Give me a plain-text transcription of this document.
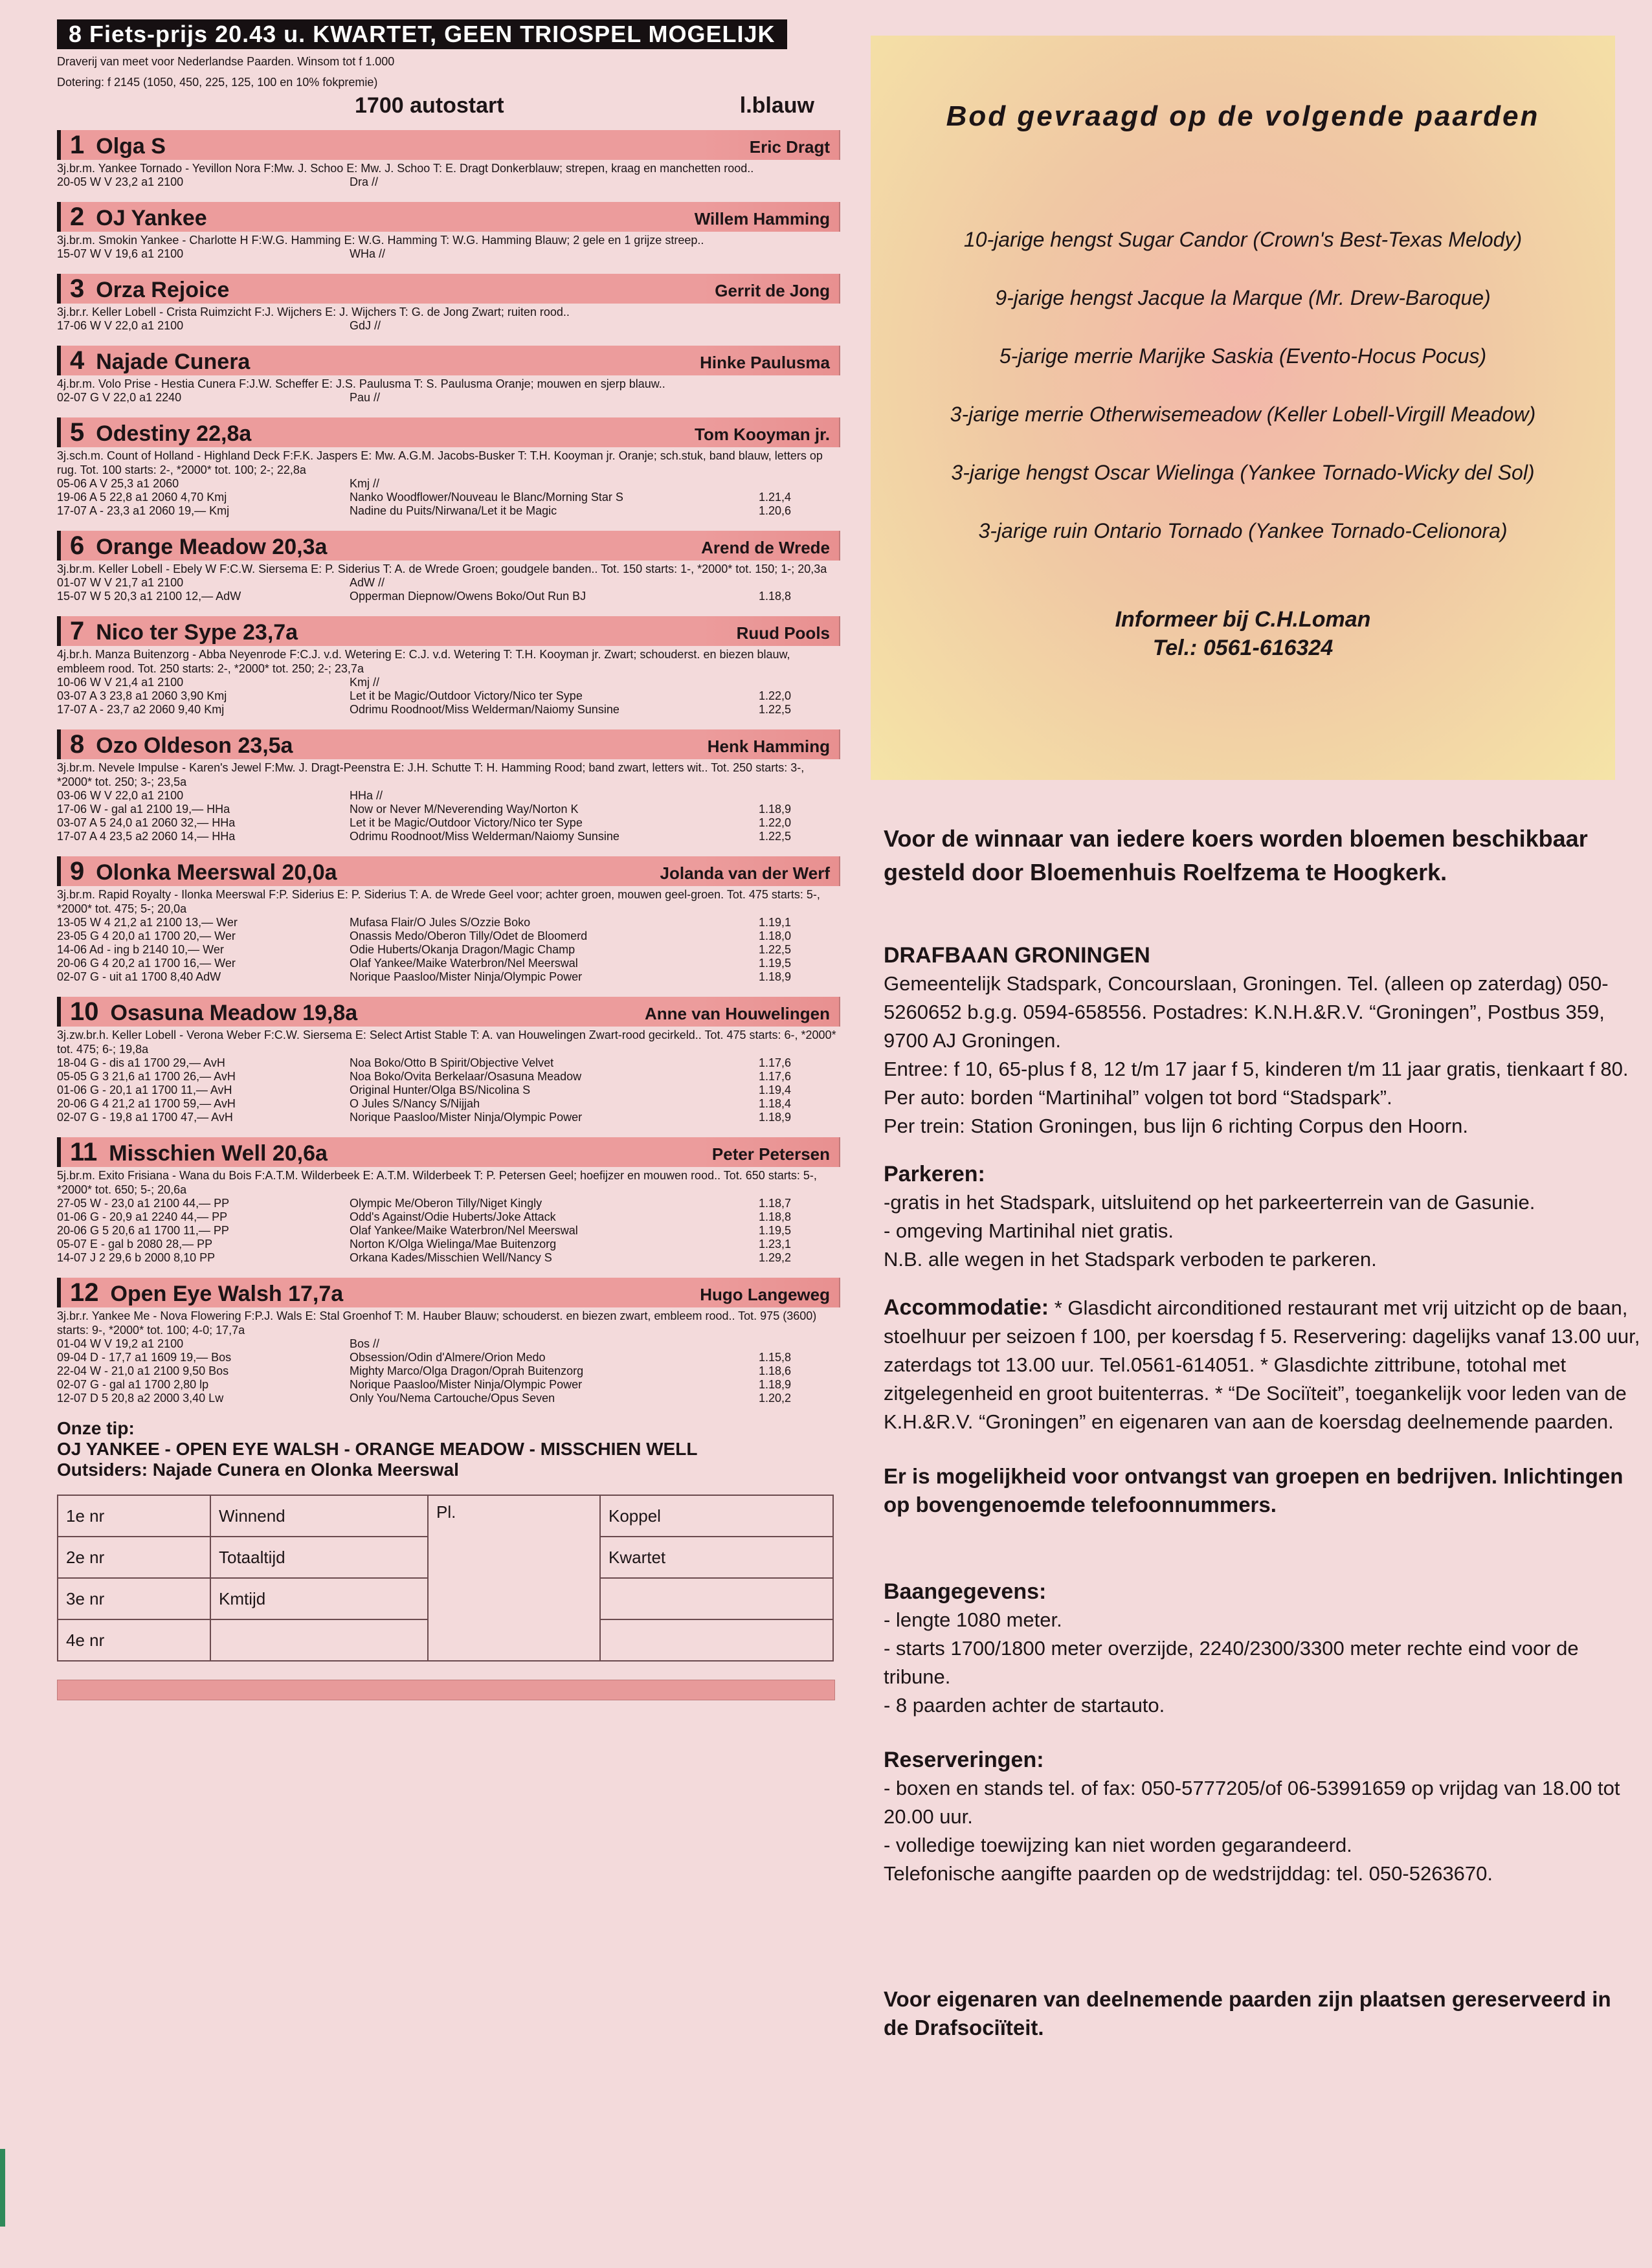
8 Fiets-prijs 20.43 u. KWARTET, GEEN TRIOSPEL MOGELIJK
Draverij van meet voor Nederlandse Paarden. Winsom tot f 1.000
Dotering: f 2145 (1050, 450, 225, 125, 100 en 10% fokpremie)
1700 autostart	l.blauw
1 Olga S	Eric Dragt
3j.br.m. Yankee Tornado - Yevillon Nora F:Mw. J. Schoo E: Mw. J. Schoo T: E. Dragt Donkerblauw; strepen, kraag en manchetten rood..
20-05 W V 23,2 a1 2100	Dra //	
2 OJ Yankee	Willem Hamming
3j.br.m. Smokin Yankee - Charlotte H F:W.G. Hamming E: W.G. Hamming T: W.G. Hamming Blauw; 2 gele en 1 grijze streep..
15-07 W V 19,6 a1 2100	WHa //	
3 Orza Rejoice	Gerrit de Jong
3j.br.r. Keller Lobell - Crista Ruimzicht F:J. Wijchers E: J. Wijchers T: G. de Jong Zwart; ruiten rood..
17-06 W V 22,0 a1 2100	GdJ //	
4 Najade Cunera	Hinke Paulusma
4j.br.m. Volo Prise - Hestia Cunera F:J.W. Scheffer E: J.S. Paulusma T: S. Paulusma Oranje; mouwen en sjerp blauw..
02-07 G V 22,0 a1 2240	Pau //	
5 Odestiny 22,8a	Tom Kooyman jr.
3j.sch.m. Count of Holland - Highland Deck F:F.K. Jaspers E: Mw. A.G.M. Jacobs-Busker T: T.H. Kooyman jr. Oranje; sch.stuk, band blauw, letters op rug. Tot. 100 starts: 2-, *2000* tot. 100; 2-; 22,8a
05-06 A V 25,3 a1 2060	Kmj //	
19-06 A 5 22,8 a1 2060 4,70 Kmj	Nanko Woodflower/Nouveau le Blanc/Morning Star S	1.21,4
17-07 A - 23,3 a1 2060 19,— Kmj	Nadine du Puits/Nirwana/Let it be Magic	1.20,6
6 Orange Meadow 20,3a	Arend de Wrede
3j.br.m. Keller Lobell - Ebely W F:C.W. Siersema E: P. Siderius T: A. de Wrede Groen; goudgele banden.. Tot. 150 starts: 1-, *2000* tot. 150; 1-; 20,3a
01-07 W V 21,7 a1 2100	AdW //	
15-07 W 5 20,3 a1 2100 12,— AdW	Opperman Diepnow/Owens Boko/Out Run BJ	1.18,8
7 Nico ter Sype 23,7a	Ruud Pools
4j.br.h. Manza Buitenzorg - Abba Neyenrode F:C.J. v.d. Wetering E: C.J. v.d. Wetering T: T.H. Kooyman jr. Zwart; schouderst. en biezen blauw, embleem rood. Tot. 250 starts: 2-, *2000* tot. 250; 2-; 23,7a
10-06 W V 21,4 a1 2100	Kmj //	
03-07 A 3 23,8 a1 2060 3,90 Kmj	Let it be Magic/Outdoor Victory/Nico ter Sype	1.22,0
17-07 A - 23,7 a2 2060 9,40 Kmj	Odrimu Roodnoot/Miss Welderman/Naiomy Sunsine	1.22,5
8 Ozo Oldeson 23,5a	Henk Hamming
3j.br.m. Nevele Impulse - Karen's Jewel F:Mw. J. Dragt-Peenstra E: J.H. Schutte T: H. Hamming Rood; band zwart, letters wit.. Tot. 250 starts: 3-, *2000* tot. 250; 3-; 23,5a
03-06 W V 22,0 a1 2100	HHa //	
17-06 W - gal a1 2100 19,— HHa	Now or Never M/Neverending Way/Norton K	1.18,9
03-07 A 5 24,0 a1 2060 32,— HHa	Let it be Magic/Outdoor Victory/Nico ter Sype	1.22,0
17-07 A 4 23,5 a2 2060 14,— HHa	Odrimu Roodnoot/Miss Welderman/Naiomy Sunsine	1.22,5
9 Olonka Meerswal 20,0a	Jolanda van der Werf
3j.br.m. Rapid Royalty - Ilonka Meerswal F:P. Siderius E: P. Siderius T: A. de Wrede Geel voor; achter groen, mouwen geel-groen. Tot. 475 starts: 5-, *2000* tot. 475; 5-; 20,0a
13-05 W 4 21,2 a1 2100 13,— Wer	Mufasa Flair/O Jules S/Ozzie Boko	1.19,1
23-05 G 4 20,0 a1 1700 20,— Wer	Onassis Medo/Oberon Tilly/Odet de Bloomerd	1.18,0
14-06 Ad - ing b 2140 10,— Wer	Odie Huberts/Okanja Dragon/Magic Champ	1.22,5
20-06 G 4 20,2 a1 1700 16,— Wer	Olaf Yankee/Maike Waterbron/Nel Meerswal	1.19,5
02-07 G - uit a1 1700 8,40 AdW	Norique Paasloo/Mister Ninja/Olympic Power	1.18,9
10 Osasuna Meadow 19,8a	Anne van Houwelingen
3j.zw.br.h. Keller Lobell - Verona Weber F:C.W. Siersema E: Select Artist Stable T: A. van Houwelingen Zwart-rood gecirkeld.. Tot. 475 starts: 6-, *2000* tot. 475; 6-; 19,8a
18-04 G - dis a1 1700 29,— AvH	Noa Boko/Otto B Spirit/Objective Velvet	1.17,6
05-05 G 3 21,6 a1 1700 26,— AvH	Noa Boko/Ovita Berkelaar/Osasuna Meadow	1.17,6
01-06 G - 20,1 a1 1700 11,— AvH	Original Hunter/Olga BS/Nicolina S	1.19,4
20-06 G 4 21,2 a1 1700 59,— AvH	O Jules S/Nancy S/Nijjah	1.18,4
02-07 G - 19,8 a1 1700 47,— AvH	Norique Paasloo/Mister Ninja/Olympic Power	1.18,9
11 Misschien Well 20,6a	Peter Petersen
5j.br.m. Exito Frisiana - Wana du Bois F:A.T.M. Wilderbeek E: A.T.M. Wilderbeek T: P. Petersen Geel; hoefijzer en mouwen rood.. Tot. 650 starts: 5-, *2000* tot. 650; 5-; 20,6a
27-05 W - 23,0 a1 2100 44,— PP	Olympic Me/Oberon Tilly/Niget Kingly	1.18,7
01-06 G - 20,9 a1 2240 44,— PP	Odd's Against/Odie Huberts/Joke Attack	1.18,8
20-06 G 5 20,6 a1 1700 11,— PP	Olaf Yankee/Maike Waterbron/Nel Meerswal	1.19,5
05-07 E - gal b 2080 28,— PP	Norton K/Olga Wielinga/Mae Buitenzorg	1.23,1
14-07 J 2 29,6 b 2000 8,10 PP	Orkana Kades/Misschien Well/Nancy S	1.29,2
12 Open Eye Walsh 17,7a	Hugo Langeweg
3j.br.r. Yankee Me - Nova Flowering F:P.J. Wals E: Stal Groenhof T: M. Hauber Blauw; schouderst. en biezen zwart, embleem rood.. Tot. 975 (3600) starts: 9-, *2000* tot. 100; 4-0; 17,7a
01-04 W V 19,2 a1 2100	Bos //	
09-04 D - 17,7 a1 1609 19,— Bos	Obsession/Odin d'Almere/Orion Medo	1.15,8
22-04 W - 21,0 a1 2100 9,50 Bos	Mighty Marco/Olga Dragon/Oprah Buitenzorg	1.18,6
02-07 G - gal a1 1700 2,80 lp	Norique Paasloo/Mister Ninja/Olympic Power	1.18,9
12-07 D 5 20,8 a2 2000 3,40 Lw	Only You/Nema Cartouche/Opus Seven	1.20,2
Onze tip:
OJ YANKEE - OPEN EYE WALSH - ORANGE MEADOW - MISSCHIEN WELL
Outsiders: Najade Cunera en Olonka Meerswal
1e nr	Winnend	Pl.	Koppel
2e nr	Totaaltijd		Kwartet
3e nr	Kmtijd		
4e nr			
Bod gevraagd op de volgende paarden
10-jarige hengst Sugar Candor (Crown's Best-Texas Melody)
9-jarige hengst Jacque la Marque (Mr. Drew-Baroque)
5-jarige merrie Marijke Saskia (Evento-Hocus Pocus)
3-jarige merrie Otherwisemeadow (Keller Lobell-Virgill Meadow)
3-jarige hengst Oscar Wielinga (Yankee Tornado-Wicky del Sol)
3-jarige ruin Ontario Tornado (Yankee Tornado-Celionora)
Informeer bij C.H.Loman
Tel.: 0561-616324
Voor de winnaar van iedere koers worden bloemen beschikbaar gesteld door Bloemenhuis Roelfzema te Hoogkerk.
DRAFBAAN GRONINGEN
Gemeentelijk Stadspark, Concourslaan, Groningen. Tel. (alleen op zaterdag) 050-5260652 b.g.g. 0594-658556. Postadres: K.N.H.&R.V. “Groningen”, Postbus 359, 9700 AJ Groningen.
Entree: f 10, 65-plus f 8, 12 t/m 17 jaar f 5, kinderen t/m 11 jaar gratis, tienkaart f 80.
Per auto: borden “Martinihal” volgen tot bord “Stadspark”.
Per trein: Station Groningen, bus lijn 6 richting Corpus den Hoorn.
Parkeren:
-gratis in het Stadspark, uitsluitend op het parkeerterrein van de Gasunie.
- omgeving Martinihal niet gratis.
N.B. alle wegen in het Stadspark verboden te parkeren.
Accommodatie: * Glasdicht airconditioned restaurant met vrij uitzicht op de baan, stoelhuur per seizoen f 100, per koersdag f 5. Reservering: dagelijks vanaf 13.00 uur, zaterdags tot 13.00 uur. Tel.0561-614051. * Glasdichte zittribune, totohal met zitgelegenheid en groot buitenterras. * “De Sociïteit”, toegankelijk voor leden van de K.H.&R.V. “Groningen” en eigenaren van aan de koersdag deelnemende paarden.
Er is mogelijkheid voor ontvangst van groepen en bedrijven. Inlichtingen op bovengenoemde telefoonnummers.
Baangegevens:
- lengte 1080 meter.
- starts 1700/1800 meter overzijde, 2240/2300/3300 meter rechte eind voor de tribune.
- 8 paarden achter de startauto.
Reserveringen:
- boxen en stands tel. of fax: 050-5777205/of 06-53991659 op vrijdag van 18.00 tot 20.00 uur.
- volledige toewijzing kan niet worden gegarandeerd.
Telefonische aangifte paarden op de wedstrijddag: tel. 050-5263670.
Voor eigenaren van deelnemende paarden zijn plaatsen gereserveerd in de Drafsociïteit.
